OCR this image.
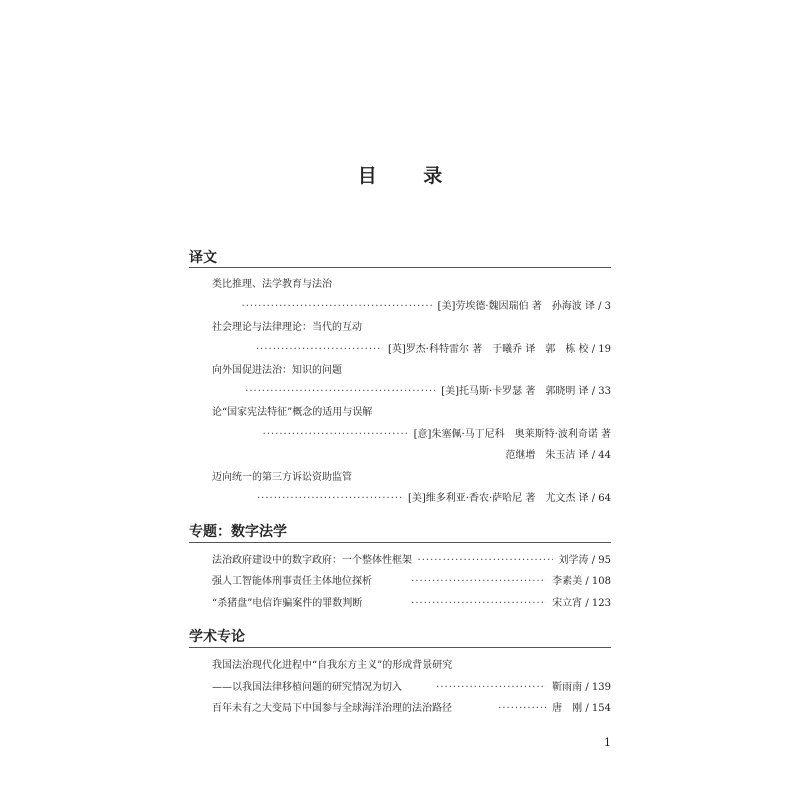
目 录
译文
类比推理、法学教育与法治
·····
[美]劳埃德·魏因瑞伯 著　孙海波 译 / 3
社会理论与法律理论：当代的互动
·····
[英]罗杰·科特雷尔 著　于曦乔 译　郭　栋 校 / 19
向外国促进法治：知识的问题
·····
[美]托马斯·卡罗瑟 著　郭晓明 译 / 33
论“国家宪法特征”概念的适用与误解
·····
[意]朱塞佩·马丁尼科　奥莱斯特·波利奇诺 著
范继增　朱玉洁 译 / 44
迈向统一的第三方诉讼资助监管
·····
[美]维多利亚·香农·萨哈尼 著　尤文杰 译 / 64
专题：数字法学
法治政府建设中的数字政府：一个整体性框架 ·····	刘学涛 / 95
强人工智能体刑事责任主体地位探析 ·····	李素美 / 108
“杀猪盘”电信诈骗案件的罪数判断 ·····	宋立宵 / 123
学术专论
我国法治现代化进程中“自我东方主义”的形成背景研究
——以我国法律移植问题的研究情况为切入 ·····	靳雨南 / 139
百年未有之大变局下中国参与全球海洋治理的法治路径 ·····	唐　刚 / 154
1
